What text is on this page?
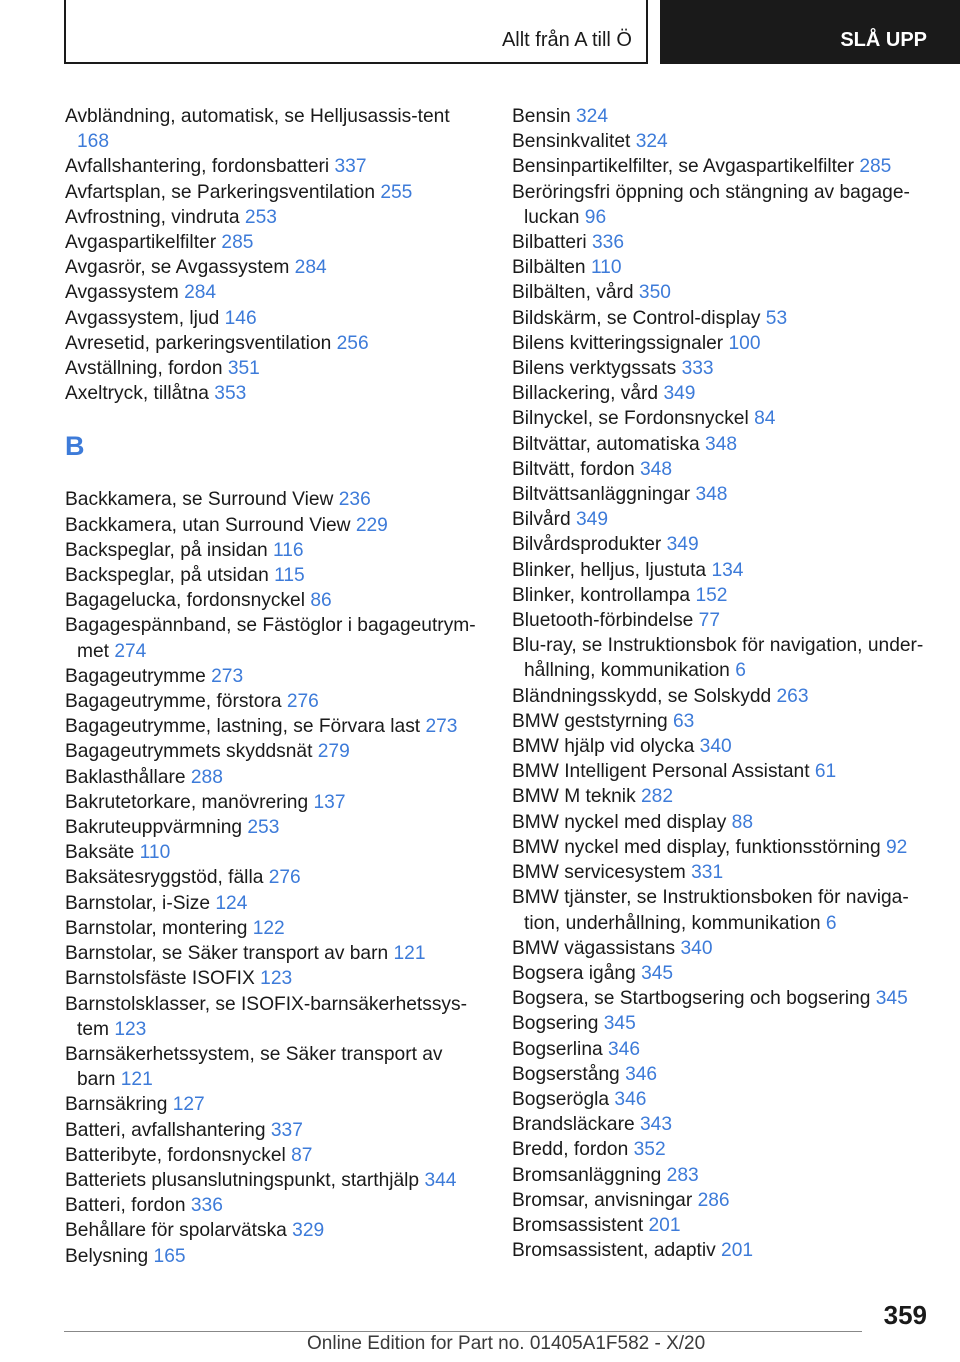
Allt från A till Ö	SLÅ UPP
Avbländning, automatisk, se Helljusassis-tent 168
Avfallshantering, fordonsbatteri 337
Avfartsplan, se Parkeringsventilation 255
Avfrostning, vindruta 253
Avgaspartikelfilter 285
Avgasrör, se Avgassystem 284
Avgassystem 284
Avgassystem, ljud 146
Avresetid, parkeringsventilation 256
Avställning, fordon 351
Axeltryck, tillåtna 353
B
Backkamera, se Surround View 236
Backkamera, utan Surround View 229
Backspeglar, på insidan 116
Backspeglar, på utsidan 115
Bagagelucka, fordonsnyckel 86
Bagagespännband, se Fästöglor i bagageutrym-met 274
Bagageutrymme 273
Bagageutrymme, förstora 276
Bagageutrymme, lastning, se Förvara last 273
Bagageutrymmets skyddsnät 279
Baklasthållare 288
Bakrutetorkare, manövrering 137
Bakruteuppvärmning 253
Baksäte 110
Baksätesryggstöd, fälla 276
Barnstolar, i-Size 124
Barnstolar, montering 122
Barnstolar, se Säker transport av barn 121
Barnstolsfäste ISOFIX 123
Barnstolsklasser, se ISOFIX-barnsäkerhetssys-tem 123
Barnsäkerhetssystem, se Säker transport av barn 121
Barnsäkring 127
Batteri, avfallshantering 337
Batteribyte, fordonsnyckel 87
Batteriets plusanslutningspunkt, starthjälp 344
Batteri, fordon 336
Behållare för spolarvätska 329
Belysning 165
Bensin 324
Bensinkvalitet 324
Bensinpartikelfilter, se Avgaspartikelfilter 285
Beröringsfri öppning och stängning av bagage-luckan 96
Bilbatteri 336
Bilbälten 110
Bilbälten, vård 350
Bildskärm, se Control-display 53
Bilens kvitteringssignaler 100
Bilens verktygssats 333
Billackering, vård 349
Bilnyckel, se Fordonsnyckel 84
Biltvättar, automatiska 348
Biltvätt, fordon 348
Biltvättsanläggningar 348
Bilvård 349
Bilvårdsprodukter 349
Blinker, helljus, ljustuta 134
Blinker, kontrollampa 152
Bluetooth-förbindelse 77
Blu-ray, se Instruktionsbok för navigation, under-hållning, kommunikation 6
Bländningsskydd, se Solskydd 263
BMW geststyrning 63
BMW hjälp vid olycka 340
BMW Intelligent Personal Assistant 61
BMW M teknik 282
BMW nyckel med display 88
BMW nyckel med display, funktionsstörning 92
BMW servicesystem 331
BMW tjänster, se Instruktionsboken för naviga-tion, underhållning, kommunikation 6
BMW vägassistans 340
Bogsera igång 345
Bogsera, se Startbogsering och bogsering 345
Bogsering 345
Bogserlina 346
Bogserstång 346
Bogserögla 346
Brandsläckare 343
Bredd, fordon 352
Bromsanläggning 283
Bromsar, anvisningar 286
Bromsassistent 201
Bromsassistent, adaptiv 201
359
Online Edition for Part no. 01405A1F582 - X/20
